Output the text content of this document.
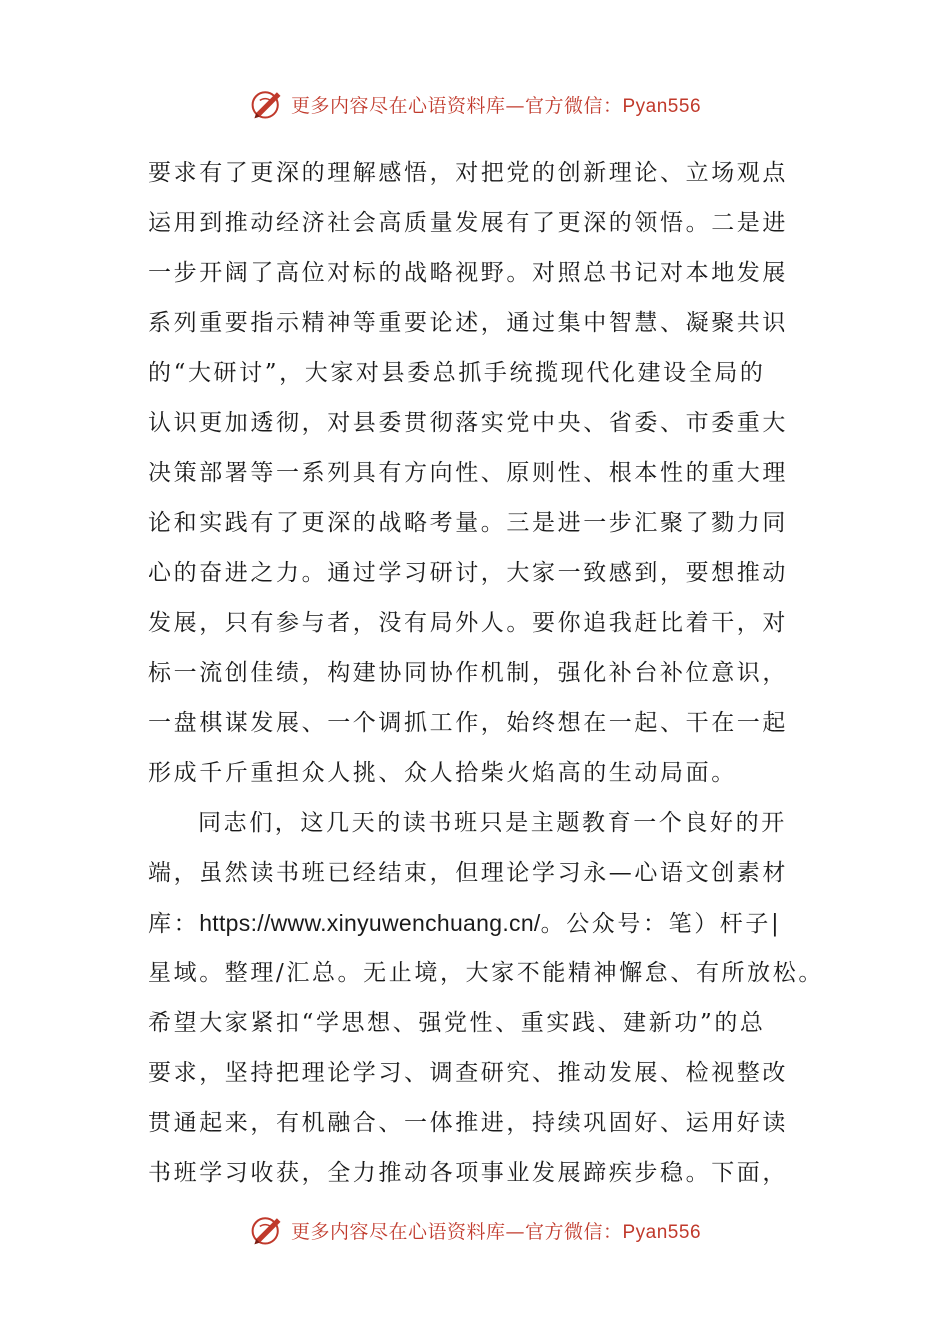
更多内容尽在心语资料库—官方微信：Pyan556
要求有了更深的理解感悟，对把党的创新理论、立场观点
运用到推动经济社会高质量发展有了更深的领悟。二是进
一步开阔了高位对标的战略视野。对照总书记对本地发展
系列重要指示精神等重要论述，通过集中智慧、凝聚共识
的“大研讨”，大家对县委总抓手统揽现代化建设全局的
认识更加透彻，对县委贯彻落实党中央、省委、市委重大
决策部署等一系列具有方向性、原则性、根本性的重大理
论和实践有了更深的战略考量。三是进一步汇聚了勠力同
心的奋进之力。通过学习研讨，大家一致感到，要想推动
发展，只有参与者，没有局外人。要你追我赶比着干，对
标一流创佳绩，构建协同协作机制，强化补台补位意识，
一盘棋谋发展、一个调抓工作，始终想在一起、干在一起
形成千斤重担众人挑、众人拾柴火焰高的生动局面。
同志们，这几天的读书班只是主题教育一个良好的开
端，虽然读书班已经结束，但理论学习永—心语文创素材
库：https://www.xinyuwenchuang.cn/。公众号：笔）杆子|
星域。整理/汇总。无止境，大家不能精神懈怠、有所放松。
希望大家紧扣“学思想、强党性、重实践、建新功”的总
要求，坚持把理论学习、调查研究、推动发展、检视整改
贯通起来，有机融合、一体推进，持续巩固好、运用好读
书班学习收获，全力推动各项事业发展蹄疾步稳。下面，
更多内容尽在心语资料库—官方微信：Pyan556
